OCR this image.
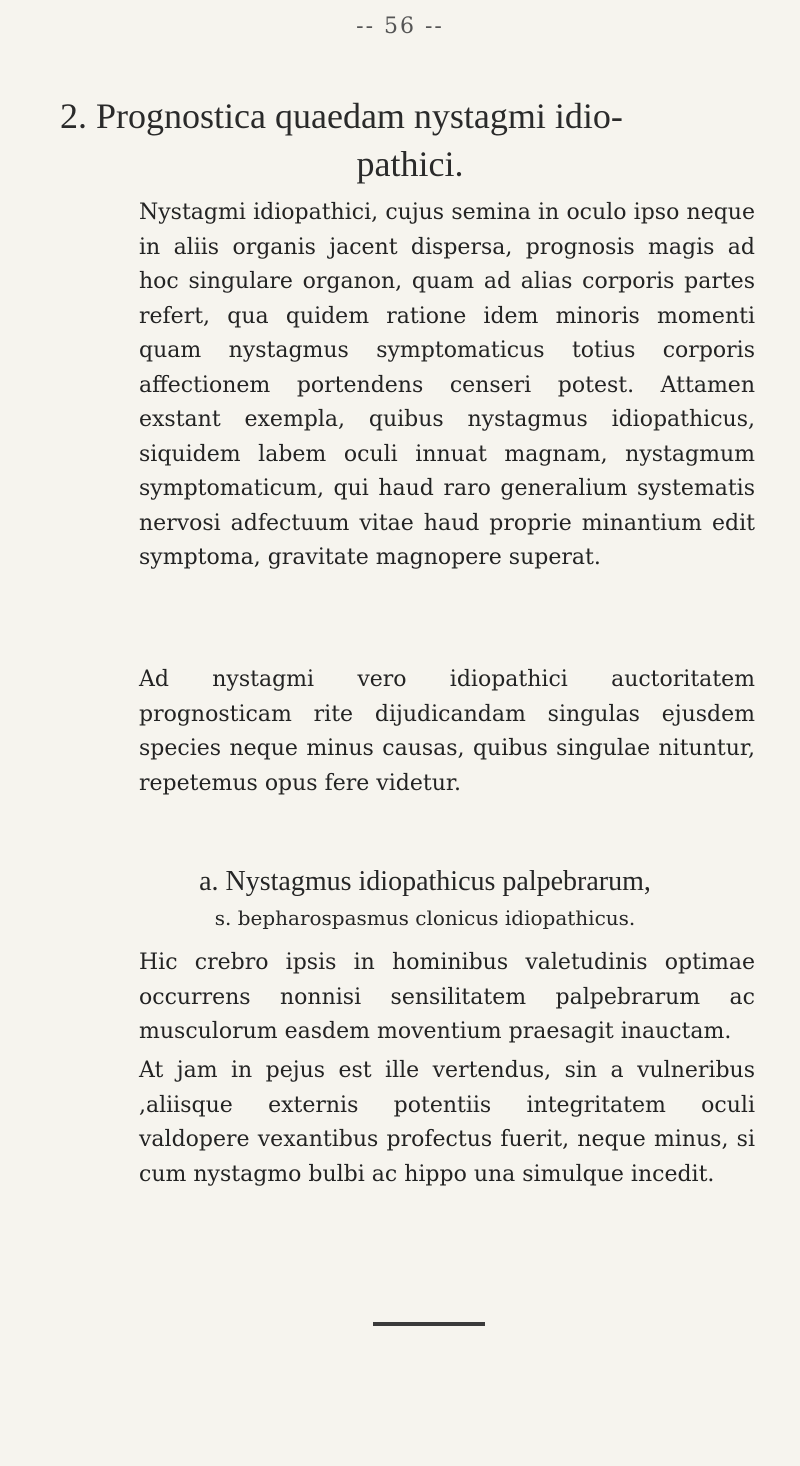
-- 56 --
2. Prognostica quaedam nystagmi idio-
pathici.

Nystagmi idiopathici, cujus semina in oculo ipso neque in aliis organis jacent dispersa, prognosis magis ad hoc singulare organon, quam ad alias corporis partes refert, qua quidem ratione idem minoris momenti quam nystagmus symptomaticus totius corporis affectionem portendens censeri potest. Attamen exstant exempla, quibus nystagmus idiopathicus, siquidem labem oculi innuat magnam, nystagmum symptomaticum, qui haud raro generalium systematis nervosi adfectuum vitae haud proprie minantium edit symptoma, gravitate magnopere superat.

Ad nystagmi vero idiopathici auctoritatem prognosticam rite dijudicandam singulas ejusdem species neque minus causas, quibus singulae nituntur, repetemus opus fere videtur.

a. Nystagmus idiopathicus palpebrarum,
s. bepharospasmus clonicus idiopathicus.

Hic crebro ipsis in hominibus valetudinis optimae occurrens nonnisi sensilitatem palpebrarum ac musculorum easdem moventium praesagit inauctam.

At jam in pejus est ille vertendus, sin a vulneribus ,aliisque externis potentiis integritatem oculi valdopere vexantibus profectus fuerit, neque minus, si cum nystagmo bulbi ac hippo una simulque incedit.
